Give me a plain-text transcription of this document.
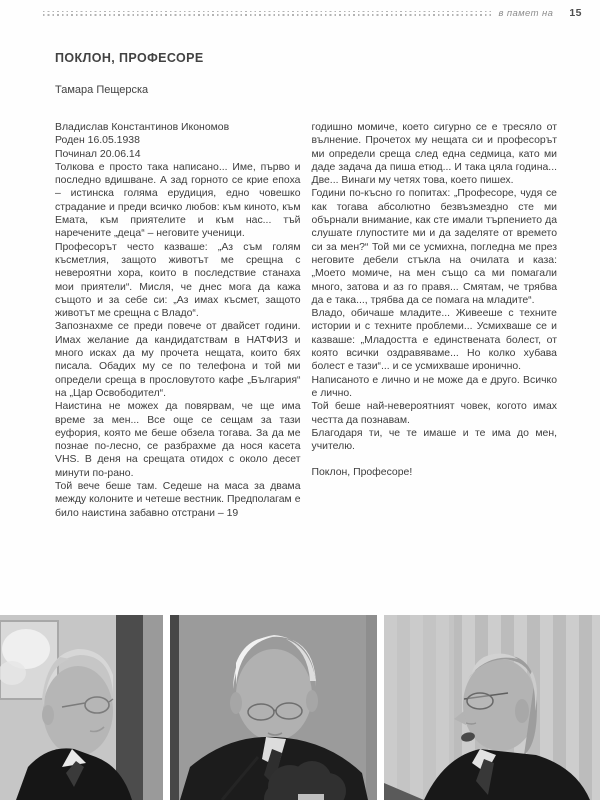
в памет на 15
ПОКЛОН, ПРОФЕСОРЕ
Тамара Пещерска

Владислав Константинов Икономов

Роден 16.05.1938

Починал 20.06.14

Толкова е просто така написано... Име, първо и последно вдишване. А зад горното се крие епоха – истинска голяма ерудиция, едно човешко страдание и преди всичко любов: към киното, към Емата, към приятелите и към нас... тъй наречените „деца“ – неговите ученици.

Професорът често казваше: „Аз съм голям късметлия, защото животът ме срещна с невероятни хора, които в последствие станаха мои приятели“. Мисля, че днес мога да кажа същото и за себе си: „Аз имах късмет, защото животът ме срещна с Владо“.

Запознахме се преди повече от двайсет години. Имах желание да кандидатствам в НАТФИЗ и много исках да му прочета нещата, които бях писала. Обадих му се по телефона и той ми определи среща в прословутото кафе „България“ на „Цар Освободител“.

Наистина не можех да повярвам, че ще има време за мен... Все още се сещам за тази еуфория, която ме беше обзела тогава. За да ме познае по-лесно, се разбрахме да нося касета VHS. В деня на срещата отидох с около десет минути по-рано.

Той вече беше там. Седеше на маса за двама между колоните и четеше вестник. Предполагам е било наистина забавно отстрани – 19

годишно момиче, което сигурно се е тресяло от вълнение. Прочетох му нещата си и професорът ми определи среща след една седмица, като ми даде задача да пиша етюд... И така цяла година... Две... Винаги му четях това, което пишех.

Години по-късно го попитах: „Професоре, чудя се как тогава абсолютно безвъзмездно сте ми обърнали внимание, как сте имали търпението да слушате глупостите ми и да заделяте от времето си за мен?“ Той ми се усмихна, погледна ме през неговите дебели стъкла на очилата и каза: „Моето момиче, на мен също са ми помагали много, затова и аз го правя... Смятам, че трябва да е така..., трябва да се помага на младите“.

Владо, обичаше младите... Живееше с техните истории и с техните проблеми... Усмихваше се и казваше: „Младостта е единствената болест, от която всички оздравяваме... Но колко хубава болест е тази“... и се усмихваше иронично.

Написаното е лично и не може да е друго. Всичко е лично.

Той беше най-невероятният човек, когото имах честта да познавам.

Благодаря ти, че те имаше и те има до мен, учителю.

Поклон, Професоре!
